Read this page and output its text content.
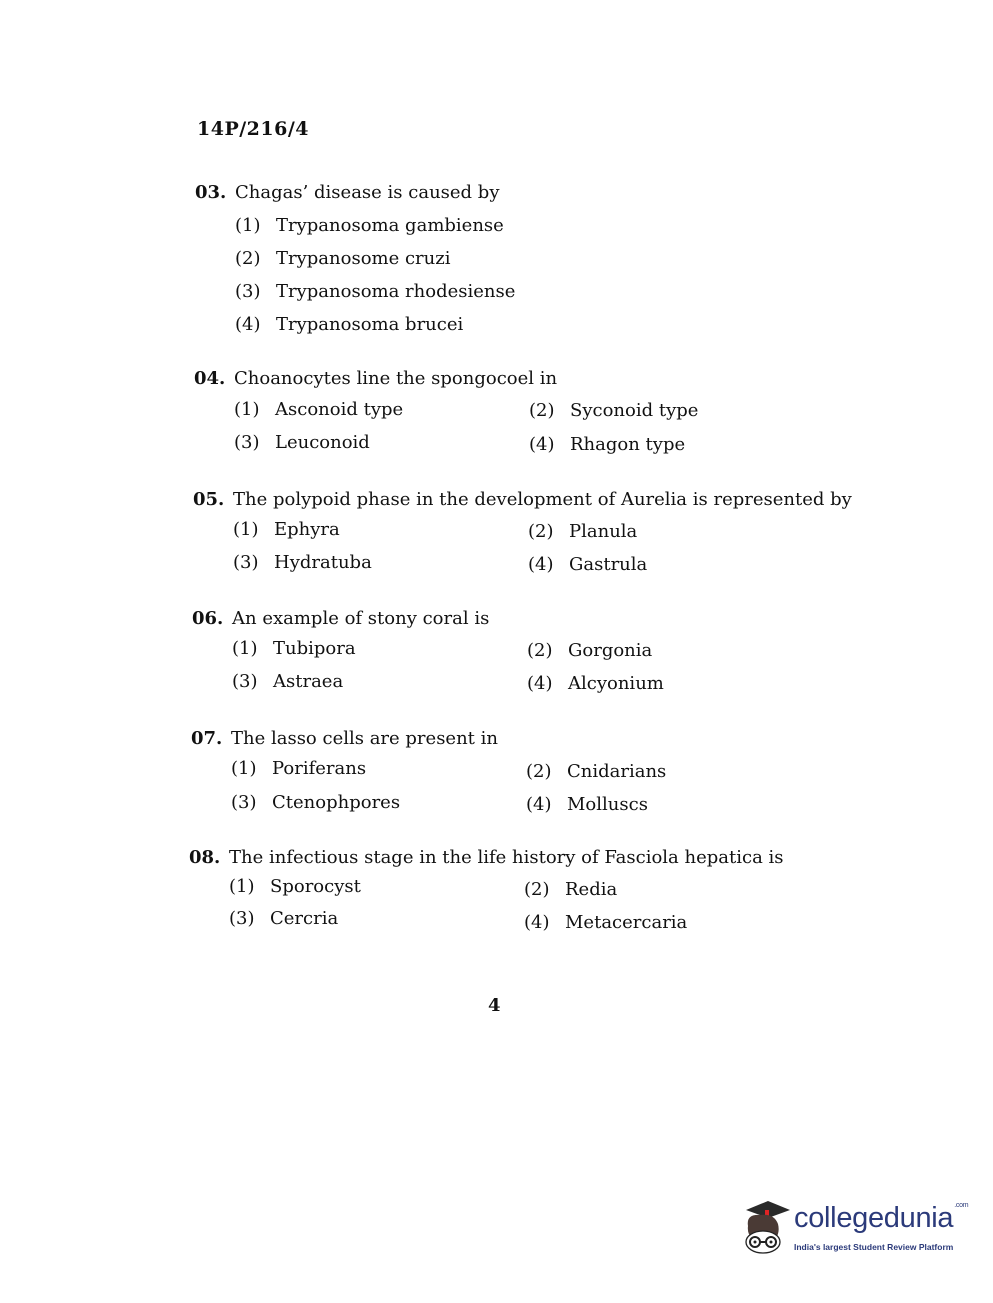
14P/216/4
03. Chagas’ disease is caused by
(1) Trypanosoma gambiense
(2) Trypanosome cruzi
(3) Trypanosoma rhodesiense
(4) Trypanosoma brucei
04. Choanocytes line the spongocoel in
(1) Asconoid type	(2) Syconoid type
(3) Leuconoid	(4) Rhagon type
05. The polypoid phase in the development of Aurelia is represented by
(1) Ephyra	(2) Planula
(3) Hydratuba	(4) Gastrula
06. An example of stony coral is
(1) Tubipora	(2) Gorgonia
(3) Astraea	(4) Alcyonium
07. The lasso cells are present in
(1) Poriferans	(2) Cnidarians
(3) Ctenophpores	(4) Molluscs
08. The infectious stage in the life history of Fasciola hepatica is
(1) Sporocyst	(2) Redia
(3) Cercria	(4) Metacercaria
4
collegedunia$^{.com}$
India's largest Student Review Platform
